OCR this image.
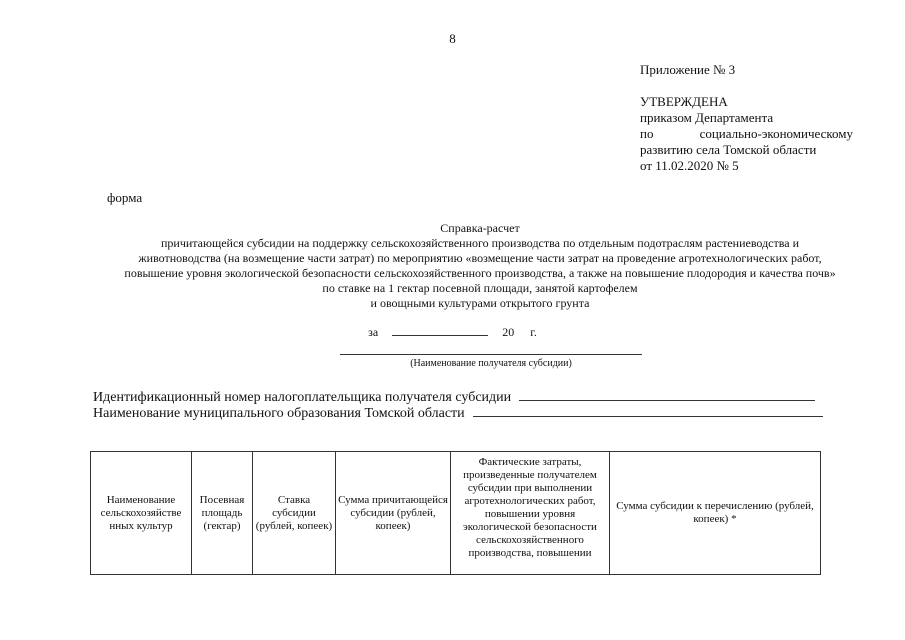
8
Приложение № 3
УТВЕРЖДЕНА
приказом Департамента
по	социально-экономическому
развитию села Томской области
от 11.02.2020 № 5
форма
Справка-расчет
причитающейся субсидии на поддержку сельскохозяйственного производства по отдельным подотраслям растениеводства и
животноводства (на возмещение части затрат) по мероприятию «возмещение части затрат на проведение агротехнологических работ,
повышение уровня экологической безопасности сельскохозяйственного производства, а также на повышение плодородия и качества почв»
по ставке на 1 гектар посевной площади, занятой картофелем
и овощными культурами открытого грунта
за	20 г.
(Наименование получателя субсидии)
Идентификационный номер налогоплательщика получателя субсидии
Наименование муниципального образования Томской области
Наименование сельскохозяйстве нных культур	Посевная площадь (гектар)	Ставка субсидии (рублей, копеек)	Сумма причитающейся субсидии (рублей, копеек)	Фактические затраты, произведенные получателем субсидии при выполнении агротехнологических работ, повышении уровня экологической безопасности сельскохозяйственного производства, повышении	Сумма субсидии к перечислению (рублей, копеек) *
